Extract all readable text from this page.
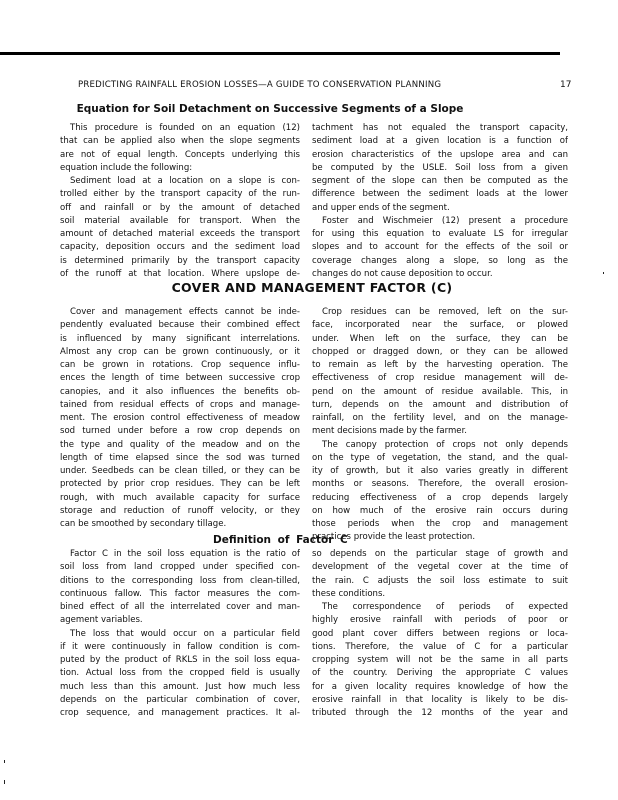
PREDICTING RAINFALL EROSION LOSSES—A GUIDE TO CONSERVATION PLANNING	17
Equation for Soil Detachment on Successive Segments of a Slope
This procedure is founded on an equation (12)
that can be applied also when the slope segments
are not of equal length. Concepts underlying this
equation include the following:
Sediment load at a location on a slope is con-
trolled either by the transport capacity of the run-
off and rainfall or by the amount of detached
soil material available for transport. When the
amount of detached material exceeds the transport
capacity, deposition occurs and the sediment load
is determined primarily by the transport capacity
of the runoff at that location. Where upslope de-
tachment has not equaled the transport capacity,
sediment load at a given location is a function of
erosion characteristics of the upslope area and can
be computed by the USLE. Soil loss from a given
segment of the slope can then be computed as the
difference between the sediment loads at the lower
and upper ends of the segment.
Foster and Wischmeier (12) present a procedure
for using this equation to evaluate LS for irregular
slopes and to account for the effects of the soil or
coverage changes along a slope, so long as the
changes do not cause deposition to occur.
COVER AND MANAGEMENT FACTOR (C)
Cover and management effects cannot be inde-
pendently evaluated because their combined effect
is influenced by many significant interrelations.
Almost any crop can be grown continuously, or it
can be grown in rotations. Crop sequence influ-
ences the length of time between successive crop
canopies, and it also influences the benefits ob-
tained from residual effects of crops and manage-
ment. The erosion control effectiveness of meadow
sod turned under before a row crop depends on
the type and quality of the meadow and on the
length of time elapsed since the sod was turned
under. Seedbeds can be clean tilled, or they can be
protected by prior crop residues. They can be left
rough, with much available capacity for surface
storage and reduction of runoff velocity, or they
can be smoothed by secondary tillage.
Crop residues can be removed, left on the sur-
face, incorporated near the surface, or plowed
under. When left on the surface, they can be
chopped or dragged down, or they can be allowed
to remain as left by the harvesting operation. The
effectiveness of crop residue management will de-
pend on the amount of residue available. This, in
turn, depends on the amount and distribution of
rainfall, on the fertility level, and on the manage-
ment decisions made by the farmer.
The canopy protection of crops not only depends
on the type of vegetation, the stand, and the qual-
ity of growth, but it also varies greatly in different
months or seasons. Therefore, the overall erosion-
reducing effectiveness of a crop depends largely
on how much of the erosive rain occurs during
those periods when the crop and management
practices provide the least protection.
Definition of Factor C
Factor C in the soil loss equation is the ratio of
soil loss from land cropped under specified con-
ditions to the corresponding loss from clean-tilled,
continuous fallow. This factor measures the com-
bined effect of all the interrelated cover and man-
agement variables.
The loss that would occur on a particular field
if it were continuously in fallow condition is com-
puted by the product of RKLS in the soil loss equa-
tion. Actual loss from the cropped field is usually
much less than this amount. Just how much less
depends on the particular combination of cover,
crop sequence, and management practices. It al-
so depends on the particular stage of growth and
development of the vegetal cover at the time of
the rain. C adjusts the soil loss estimate to suit
these conditions.
The correspondence of periods of expected
highly erosive rainfall with periods of poor or
good plant cover differs between regions or loca-
tions. Therefore, the value of C for a particular
cropping system will not be the same in all parts
of the country. Deriving the appropriate C values
for a given locality requires knowledge of how the
erosive rainfall in that locality is likely to be dis-
tributed through the 12 months of the year and
